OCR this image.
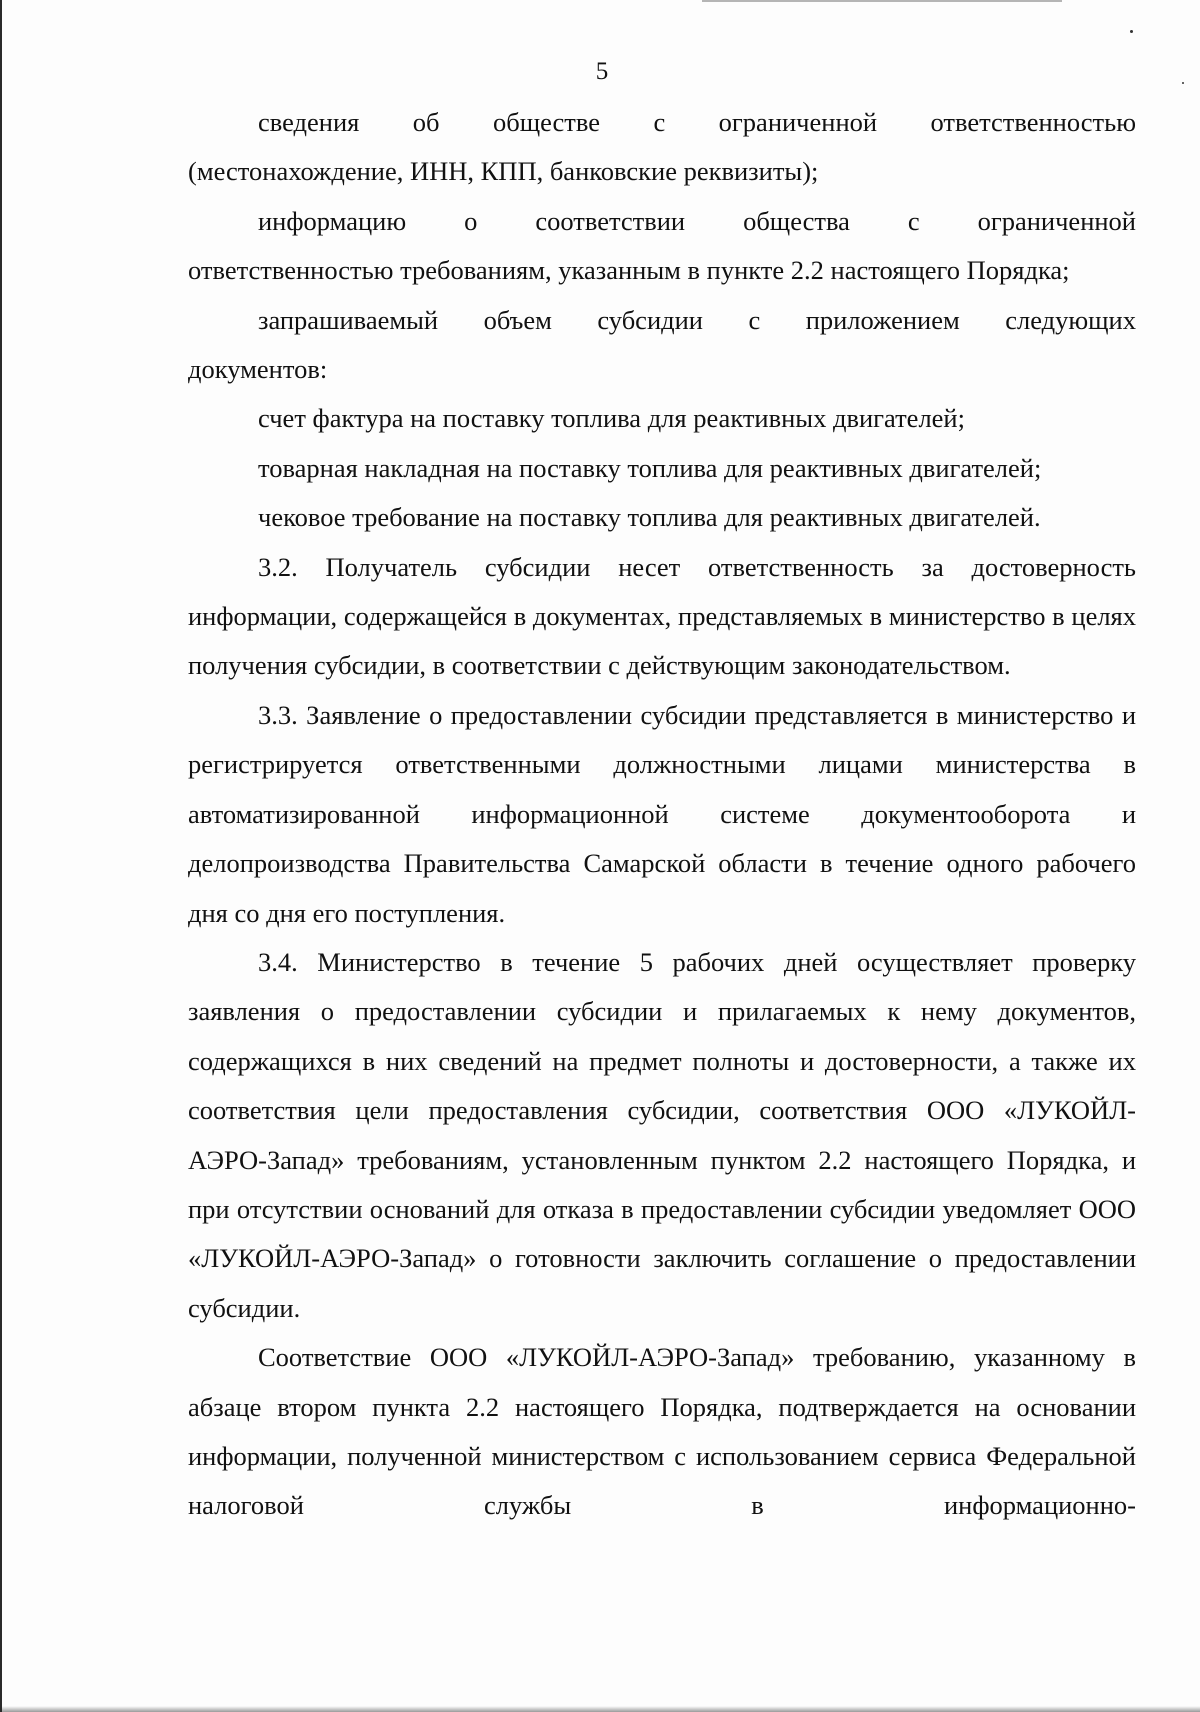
5

сведения об обществе с ограниченной ответственностью

(местонахождение, ИНН, КПП, банковские реквизиты);

информацию о соответствии общества с ограниченной

ответственностью требованиям, указанным в пункте 2.2 настоящего Порядка;

запрашиваемый объем субсидии с приложением следующих

документов:

счет фактура на поставку топлива для реактивных двигателей;

товарная накладная на поставку топлива для реактивных двигателей;

чековое требование на поставку топлива для реактивных двигателей.

3.2. Получатель субсидии несет ответственность за достоверность информации, содержащейся в документах, представляемых в министерство в целях получения субсидии, в соответствии с действующим законодательством.

3.3. Заявление о предоставлении субсидии представляется в министерство и регистрируется ответственными должностными лицами министерства в автоматизированной информационной системе документооборота и делопроизводства Правительства Самарской области в течение одного рабочего дня со дня его поступления.

3.4. Министерство в течение 5 рабочих дней осуществляет проверку заявления о предоставлении субсидии и прилагаемых к нему документов, содержащихся в них сведений на предмет полноты и достоверности, а также их соответствия цели предоставления субсидии, соответствия ООО «ЛУКОЙЛ-АЭРО-Запад» требованиям, установленным пунктом 2.2 настоящего Порядка, и при отсутствии оснований для отказа в предоставлении субсидии уведомляет ООО «ЛУКОЙЛ-АЭРО-Запад» о готовности заключить соглашение о предоставлении субсидии.

Соответствие ООО «ЛУКОЙЛ-АЭРО-Запад» требованию, указанному в абзаце втором пункта 2.2 настоящего Порядка, подтверждается на основании информации, полученной министерством с использованием сервиса Федеральной налоговой службы в информационно-
